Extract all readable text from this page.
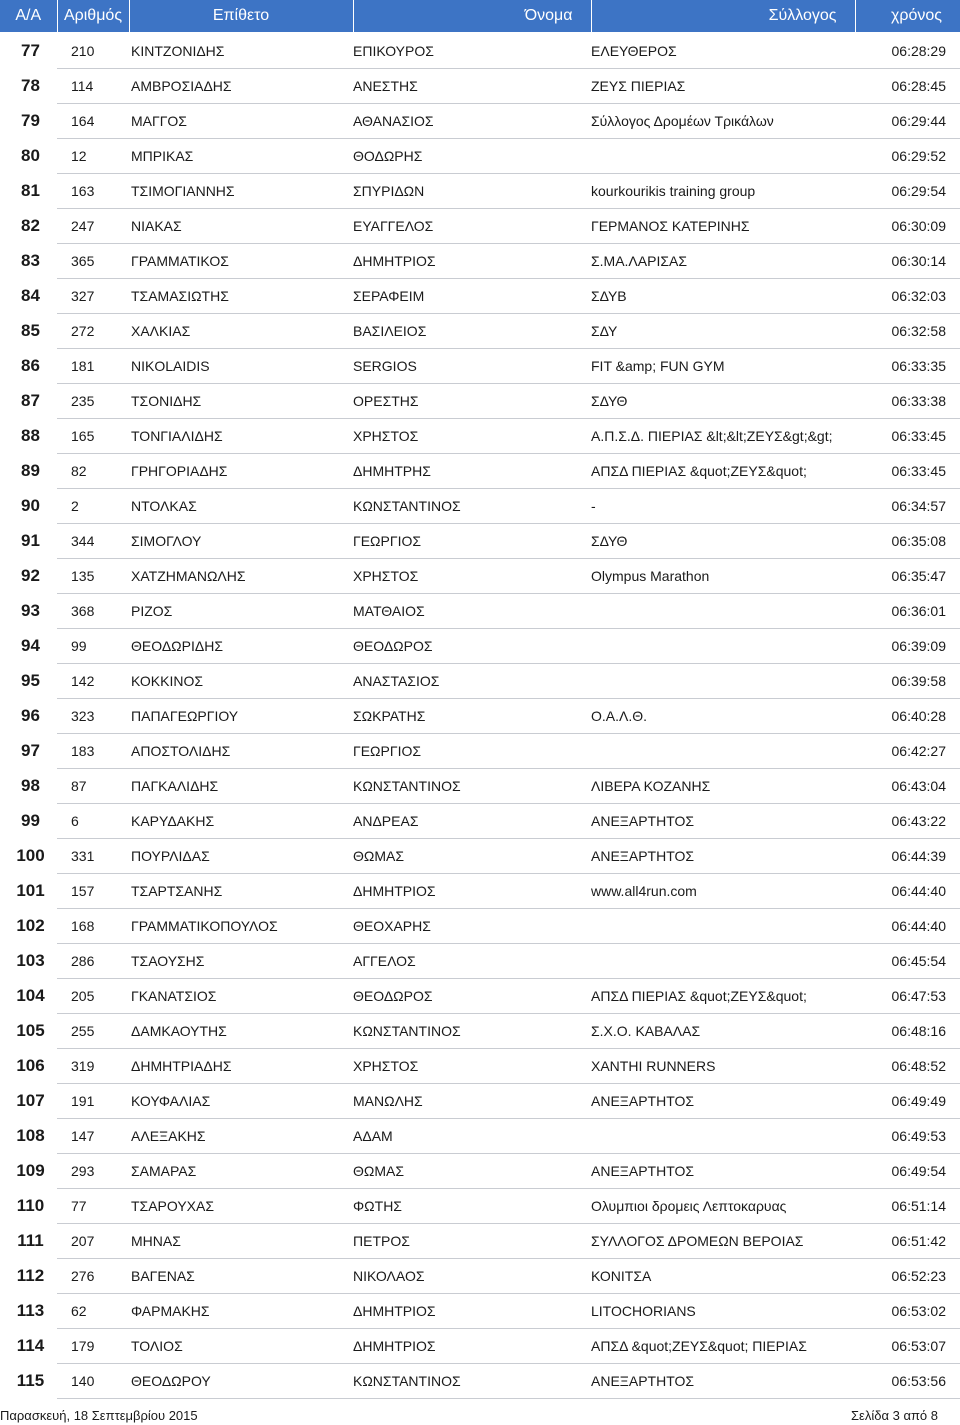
Α/Α	Αριθμός	Επίθετο	Όνομα	Σύλλογος	χρόνος

77	210	ΚΙΝΤΖΟΝΙΔΗΣ	ΕΠΙΚΟΥΡΟΣ	ΕΛΕΥΘΕΡΟΣ	06:28:29
78	114	ΑΜΒΡΟΣΙΑΔΗΣ	ΑΝΕΣΤΗΣ	ΖΕΥΣ ΠΙΕΡΙΑΣ	06:28:45
79	164	ΜΑΓΓΟΣ	ΑΘΑΝΑΣΙΟΣ	Σύλλογος Δρομέων Τρικάλων	06:29:44
80	12	ΜΠΡΙΚΑΣ	ΘΟΔΩΡΗΣ		06:29:52
81	163	ΤΣΙΜΟΓΙΑΝΝΗΣ	ΣΠΥΡΙΔΩΝ	kourkourikis training group	06:29:54
82	247	ΝΙΑΚΑΣ	ΕΥΑΓΓΕΛΟΣ	ΓΕΡΜΑΝΟΣ ΚΑΤΕΡΙΝΗΣ	06:30:09
83	365	ΓΡΑΜΜΑΤΙΚΟΣ	ΔΗΜΗΤΡΙΟΣ	Σ.ΜΑ.ΛΑΡΙΣΑΣ	06:30:14
84	327	ΤΣΑΜΑΣΙΩΤΗΣ	ΣΕΡΑΦΕΙΜ	ΣΔΥΒ	06:32:03
85	272	ΧΑΛΚΙΑΣ	ΒΑΣΙΛΕΙΟΣ	ΣΔΥ	06:32:58
86	181	NIKOLAIDIS	SERGIOS	FIT &amp; FUN GYM	06:33:35
87	235	ΤΣΟΝΙΔΗΣ	ΟΡΕΣΤΗΣ	ΣΔΥΘ	06:33:38
88	165	ΤΟΝΓΙΑΛΙΔΗΣ	ΧΡΗΣΤΟΣ	Α.Π.Σ.Δ. ΠΙΕΡΙΑΣ &lt;&lt;ΖΕΥΣ&gt;&gt;	06:33:45
89	82	ΓΡΗΓΟΡΙΑΔΗΣ	ΔΗΜΗΤΡΗΣ	ΑΠΣΔ ΠΙΕΡΙΑΣ &quot;ΖΕΥΣ&quot;	06:33:45
90	2	ΝΤΟΛΚΑΣ	ΚΩΝΣΤΑΝΤΙΝΟΣ	-	06:34:57
91	344	ΣΙΜΟΓΛΟΥ	ΓΕΩΡΓΙΟΣ	ΣΔΥΘ	06:35:08
92	135	ΧΑΤΖΗΜΑΝΩΛΗΣ	ΧΡΗΣΤΟΣ	Olympus Marathon	06:35:47
93	368	ΡΙΖΟΣ	ΜΑΤΘΑΙΟΣ		06:36:01
94	99	ΘΕΟΔΩΡΙΔΗΣ	ΘΕΟΔΩΡΟΣ		06:39:09
95	142	ΚΟΚΚΙΝΟΣ	ΑΝΑΣΤΑΣΙΟΣ		06:39:58
96	323	ΠΑΠΑΓΕΩΡΓΙΟΥ	ΣΩΚΡΑΤΗΣ	Ο.Α.Λ.Θ.	06:40:28
97	183	ΑΠΟΣΤΟΛΙΔΗΣ	ΓΕΩΡΓΙΟΣ		06:42:27
98	87	ΠΑΓΚΑΛΙΔΗΣ	ΚΩΝΣΤΑΝΤΙΝΟΣ	ΛΙΒΕΡΑ ΚΟΖΑΝΗΣ	06:43:04
99	6	ΚΑΡΥΔΑΚΗΣ	ΑΝΔΡΕΑΣ	ΑΝΕΞΑΡΤΗΤΟΣ	06:43:22
100	331	ΠΟΥΡΛΙΔΑΣ	ΘΩΜΑΣ	ΑΝΕΞΑΡΤΗΤΟΣ	06:44:39
101	157	ΤΣΑΡΤΣΑΝΗΣ	ΔΗΜΗΤΡΙΟΣ	www.all4run.com	06:44:40
102	168	ΓΡΑΜΜΑΤΙΚΟΠΟΥΛΟΣ	ΘΕΟΧΑΡΗΣ		06:44:40
103	286	ΤΣΑΟΥΣΗΣ	ΑΓΓΕΛΟΣ		06:45:54
104	205	ΓΚΑΝΑΤΣΙΟΣ	ΘΕΟΔΩΡΟΣ	ΑΠΣΔ ΠΙΕΡΙΑΣ &quot;ΖΕΥΣ&quot;	06:47:53
105	255	ΔΑΜΚΑΟΥΤΗΣ	ΚΩΝΣΤΑΝΤΙΝΟΣ	Σ.Χ.Ο. ΚΑΒΑΛΑΣ	06:48:16
106	319	ΔΗΜΗΤΡΙΑΔΗΣ	ΧΡΗΣΤΟΣ	XANTHI RUNNERS	06:48:52
107	191	ΚΟΥΦΑΛΙΑΣ	ΜΑΝΩΛΗΣ	ΑΝΕΞΑΡΤΗΤΟΣ	06:49:49
108	147	ΑΛΕΞΑΚΗΣ	ΑΔΑΜ		06:49:53
109	293	ΣΑΜΑΡΑΣ	ΘΩΜΑΣ	ΑΝΕΞΑΡΤΗΤΟΣ	06:49:54
110	77	ΤΣΑΡΟΥΧΑΣ	ΦΩΤΗΣ	Ολυμπιοι δρομεις Λεπτοκαρυας	06:51:14
111	207	ΜΗΝΑΣ	ΠΕΤΡΟΣ	ΣΥΛΛΟΓΟΣ ΔΡΟΜΕΩΝ ΒΕΡΟΙΑΣ	06:51:42
112	276	ΒΑΓΕΝΑΣ	ΝΙΚΟΛΑΟΣ	ΚΟΝΙΤΣΑ	06:52:23
113	62	ΦΑΡΜΑΚΗΣ	ΔΗΜΗΤΡΙΟΣ	LITOCHORIANS	06:53:02
114	179	ΤΟΛΙΟΣ	ΔΗΜΗΤΡΙΟΣ	ΑΠΣΔ &quot;ΖΕΥΣ&quot; ΠΙΕΡΙΑΣ	06:53:07
115	140	ΘΕΟΔΩΡΟΥ	ΚΩΝΣΤΑΝΤΙΝΟΣ	ΑΝΕΞΑΡΤΗΤΟΣ	06:53:56
Παρασκευή, 18 Σεπτεμβρίου 2015	Σελίδα 3 από 8
